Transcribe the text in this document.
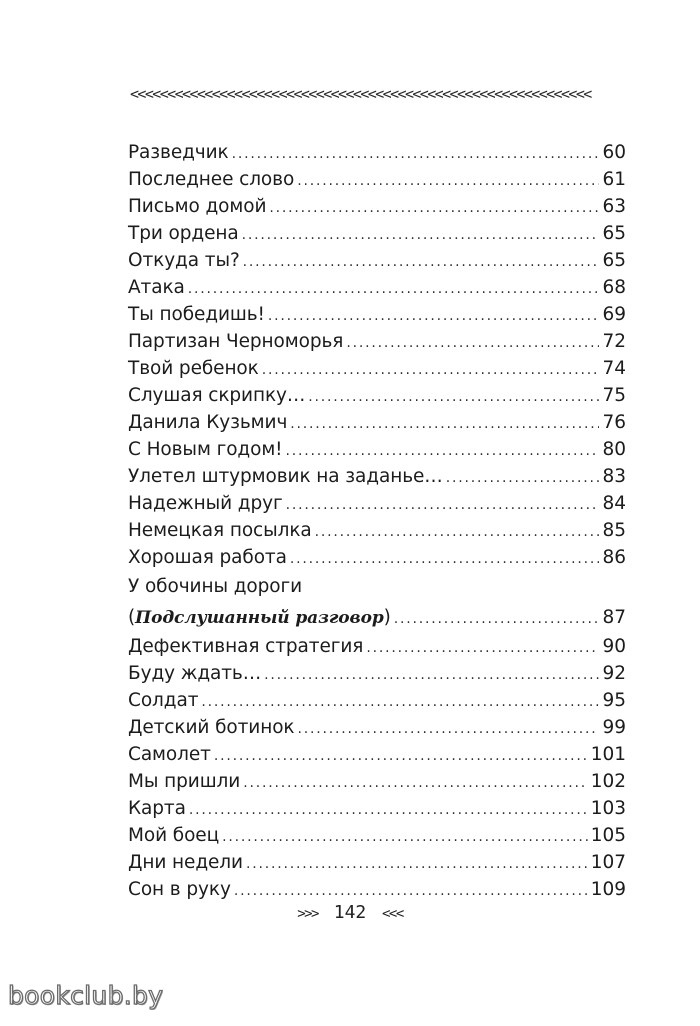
<<<<<<<<<<<<<<<<<<<<<<<<<<<<<<<<<<<<<<<<<<<<<<<<<<<<<<<<<<<<<<
Разведчик .....	60
Последнее слово .....	61
Письмо домой .....	63
Три ордена .....	65
Откуда ты? .....	65
Атака .....	68
Ты победишь! .....	69
Партизан Черноморья .....	72
Твой ребенок .....	74
Слушая скрипку… .....	75
Данила Кузьмич .....	76
С Новым годом! .....	80
Улетел штурмовик на заданье… .....	83
Надежный друг .....	84
Немецкая посылка .....	85
Хорошая работа .....	86
У обочины дороги
(Подслушанный разговор) .....	87
Дефективная стратегия .....	90
Буду ждать… .....	92
Солдат .....	95
Детский ботинок .....	99
Самолет .....	101
Мы пришли .....	102
Карта .....	103
Мой боец .....	105
Дни недели .....	107
Сон в руку .....	109
>>> 142 <<<
bookclub.by
